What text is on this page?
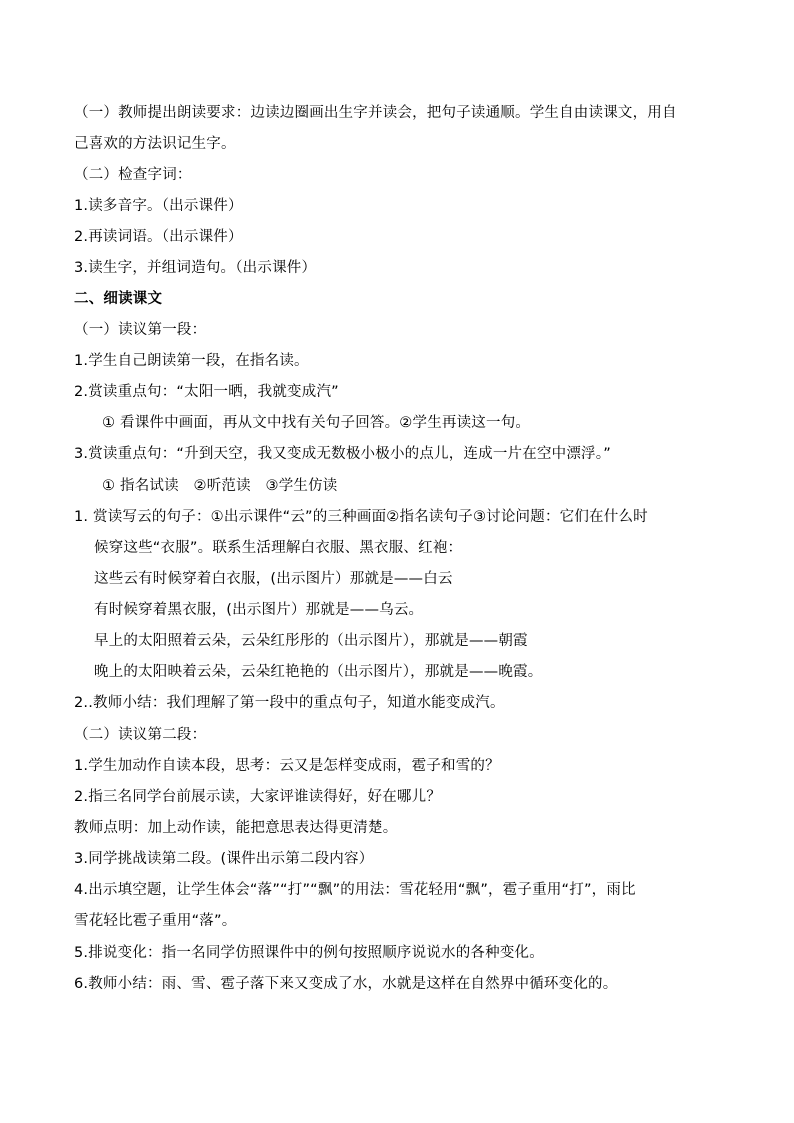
（一）教师提出朗读要求：边读边圈画出生字并读会，把句子读通顺。学生自由读课文，用自
己喜欢的方法识记生字。
（二）检查字词：
1.读多音字。（出示课件）
2.再读词语。（出示课件）
3.读生字，并组词造句。（出示课件）
二、细读课文
（一）读议第一段：
1.学生自己朗读第一段，在指名读。
2.赏读重点句：“太阳一晒，我就变成汽”
① 看课件中画面，再从文中找有关句子回答。②学生再读这一句。
3.赏读重点句：“升到天空，我又变成无数极小极小的点儿，连成一片在空中漂浮。”
① 指名试读　②听范读　③学生仿读
1. 赏读写云的句子：①出示课件“云”的三种画面②指名读句子③讨论问题：它们在什么时
候穿这些“衣服”。联系生活理解白衣服、黑衣服、红袍：
这些云有时候穿着白衣服，(出示图片）那就是——白云
有时候穿着黑衣服，(出示图片）那就是——乌云。
早上的太阳照着云朵，云朵红彤彤的（出示图片），那就是——朝霞
晚上的太阳映着云朵，云朵红艳艳的（出示图片），那就是——晚霞。
2..教师小结：我们理解了第一段中的重点句子，知道水能变成汽。
（二）读议第二段：
1.学生加动作自读本段，思考：云又是怎样变成雨，雹子和雪的？
2.指三名同学台前展示读，大家评谁读得好，好在哪儿？
教师点明：加上动作读，能把意思表达得更清楚。
3.同学挑战读第二段。(课件出示第二段内容）
4.出示填空题，让学生体会“落”“打”“飘”的用法：雪花轻用“飘”，雹子重用“打”，雨比
雪花轻比雹子重用“落”。
5.排说变化：指一名同学仿照课件中的例句按照顺序说说水的各种变化。
6.教师小结：雨、雪、雹子落下来又变成了水，水就是这样在自然界中循环变化的。
